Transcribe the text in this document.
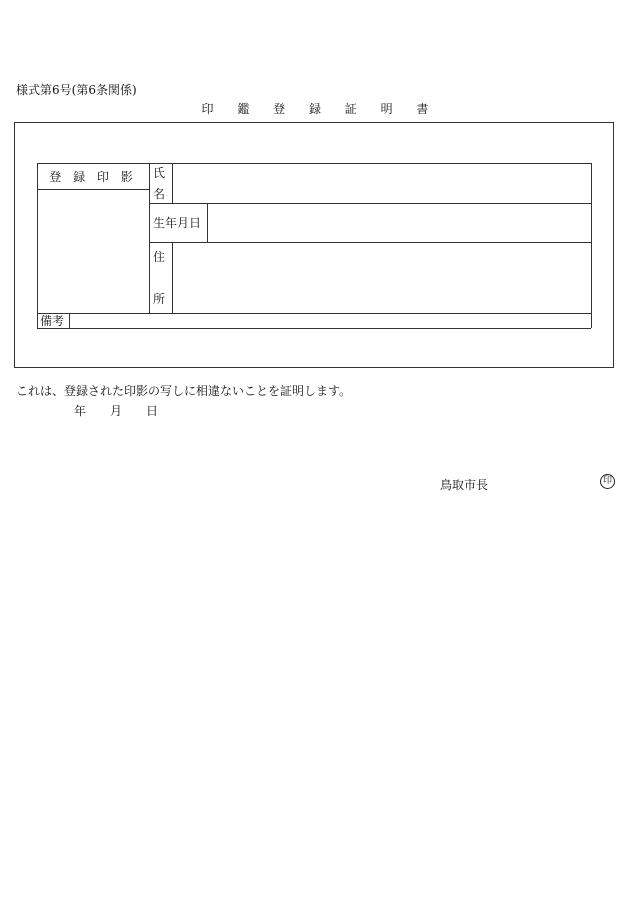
様式第6号(第6条関係)
印 鑑 登 録 証 明 書
登 録 印 影	氏
名
生年月日
住
所
備考
これは、登録された印影の写しに相違ないことを証明します。
年 月 日
鳥取市長	印
